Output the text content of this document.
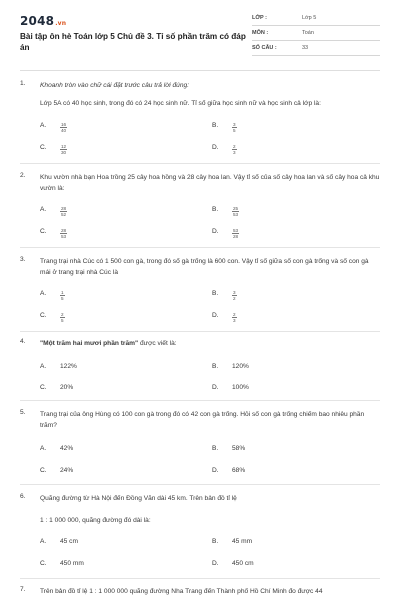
2048.vn
Bài tập ôn hè Toán lớp 5 Chủ đề 3. Tỉ số phần trăm có đáp án
LỚP :	Lớp 5
MÔN :	Toán
SỐ CÂU :	33
1.	Khoanh tròn vào chữ cái đặt trước câu trả lời đúng:
Lớp 5A có 40 học sinh, trong đó có 24 học sinh nữ. Tỉ số giữa học sinh nữ và học sinh cả lớp là:
A.	$\frac{16}{40}$	B.	$\frac{3}{5}$
C.	$\frac{12}{30}$	D.	$\frac{2}{3}$
2.	Khu vườn nhà bạn Hoa trồng 25 cây hoa hồng và 28 cây hoa lan. Vậy tỉ số của số cây hoa lan và số cây hoa cả khu vườn là:
A.	$\frac{28}{52}$	B.	$\frac{25}{53}$
C.	$\frac{28}{53}$	D.	$\frac{53}{28}$
3.	Trang trại nhà Cúc có 1 500 con gà, trong đó số gà trống là 600 con. Vậy tỉ số giữa số con gà trống và số con gà mái ở trang trại nhà Cúc là
A.	$\frac{1}{5}$	B.	$\frac{3}{2}$
C.	$\frac{2}{5}$	D.	$\frac{2}{3}$
4.	"Một trăm hai mươi phần trăm" được viết là:
A.	122%	B.	120%
C.	20%	D.	100%
5.	Trang trại của ông Hùng có 100 con gà trong đó có 42 con gà trống. Hỏi số con gà trống chiếm bao nhiêu phần trăm?
A.	42%	B.	58%
C.	24%	D.	68%
6.	Quãng đường từ Hà Nội đến Đồng Văn dài 45 km. Trên bản đồ tỉ lệ
1 : 1 000 000, quãng đường đó dài là:
A.	45 cm	B.	45 mm
C.	450 mm	D.	450 cm
7.	Trên bản đồ tỉ lệ 1 : 1 000 000 quãng đường Nha Trang đến Thành phố Hồ Chí Minh đo được 44
